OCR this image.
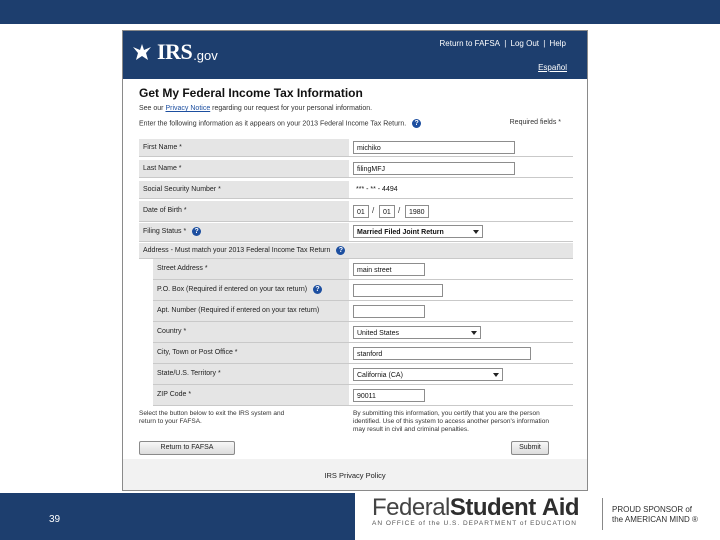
IRS .gov
Return to FAFSA | Log Out | Help
Español
Get My Federal Income Tax Information
See our Privacy Notice regarding our request for your personal information.
Enter the following information as it appears on your 2013 Federal Income Tax Return. ?	Required fields *
First Name *	michiko
Last Name *	filingMFJ
Social Security Number *	*** - ** - 4494
Date of Birth *	01 /	01 /	1980
Filing Status * ?	Married Filed Joint Return
Address - Must match your 2013 Federal Income Tax Return ?
Street Address *	main street
P.O. Box (Required if entered on your tax return) ?
Apt. Number (Required if entered on your tax return)
Country *	United States
City, Town or Post Office *	stanford
State/U.S. Territory *	California (CA)
ZIP Code *	90011
Select the button below to exit the IRS system and return to your FAFSA.
By submitting this information, you certify that you are the person identified. Use of this system to access another person's information may result in civil and criminal penalties.
Return to FAFSA	Submit
IRS Privacy Policy
39	FederalStudent Aid
AN OFFICE of the U.S. DEPARTMENT of EDUCATION
PROUD SPONSOR of
the AMERICAN MIND ®
